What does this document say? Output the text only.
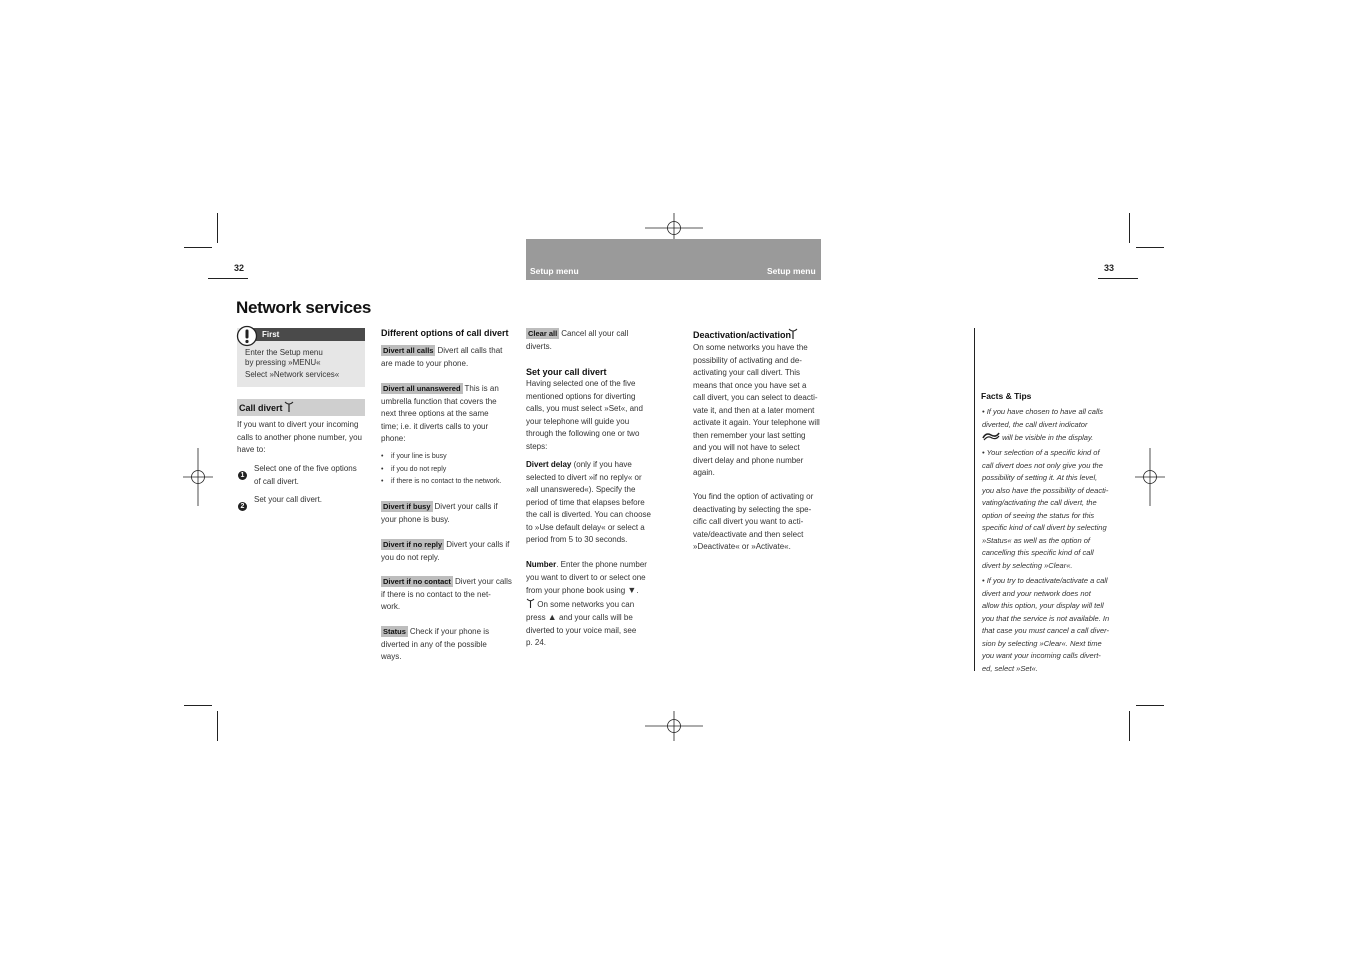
32	33
Setup menu	Setup menu
Network services
First
Enter the Setup menu
by pressing »MENU«
Select »Network services«
Call divert
If you want to divert your incoming
calls to another phone number, you
have to:
1
Select one of the five options
of call divert.
2
Set your call divert.
Different options of call divert
Divert all calls Divert all calls that
are made to your phone.
Divert all unanswered This is an
umbrella function that covers the
next three options at the same
time; i.e. it diverts calls to your
phone:
• if your line is busy
• if you do not reply
• if there is no contact to the network.
Divert if busy Divert your calls if
your phone is busy.
Divert if no reply Divert your calls if
you do not reply.
Divert if no contact Divert your calls
if there is no contact to the net-
work.
Status Check if your phone is
diverted in any of the possible
ways.
Clear all Cancel all your call
diverts.
Set your call divert
Having selected one of the five
mentioned options for diverting
calls, you must select »Set«, and
your telephone will guide you
through the following one or two
steps:
Divert delay (only if you have
selected to divert »if no reply« or
»all unanswered«). Specify the
period of time that elapses before
the call is diverted. You can choose
to »Use default delay« or select a
period from 5 to 30 seconds.
Number. Enter the phone number
you want to divert to or select one
from your phone book using ▼.
On some networks you can
press ▲ and your calls will be
diverted to your voice mail, see
p. 24.
Deactivation/activation
On some networks you have the
possibility of activating and de-
activating your call divert. This
means that once you have set a
call divert, you can select to deacti-
vate it, and then at a later moment
activate it again. Your telephone will
then remember your last setting
and you will not have to select
divert delay and phone number
again.
You find the option of activating or
deactivating by selecting the spe-
cific call divert you want to acti-
vate/deactivate and then select
»Deactivate« or »Activate«.
Facts & Tips
• If you have chosen to have all calls
diverted, the call divert indicator
will be visible in the display.
• Your selection of a specific kind of
call divert does not only give you the
possibility of setting it. At this level,
you also have the possibility of deacti-
vating/activating the call divert, the
option of seeing the status for this
specific kind of call divert by selecting
»Status« as well as the option of
cancelling this specific kind of call
divert by selecting »Clear«.
• If you try to deactivate/activate a call
divert and your network does not
allow this option, your display will tell
you that the service is not available. In
that case you must cancel a call diver-
sion by selecting »Clear«. Next time
you want your incoming calls divert-
ed, select »Set«.
